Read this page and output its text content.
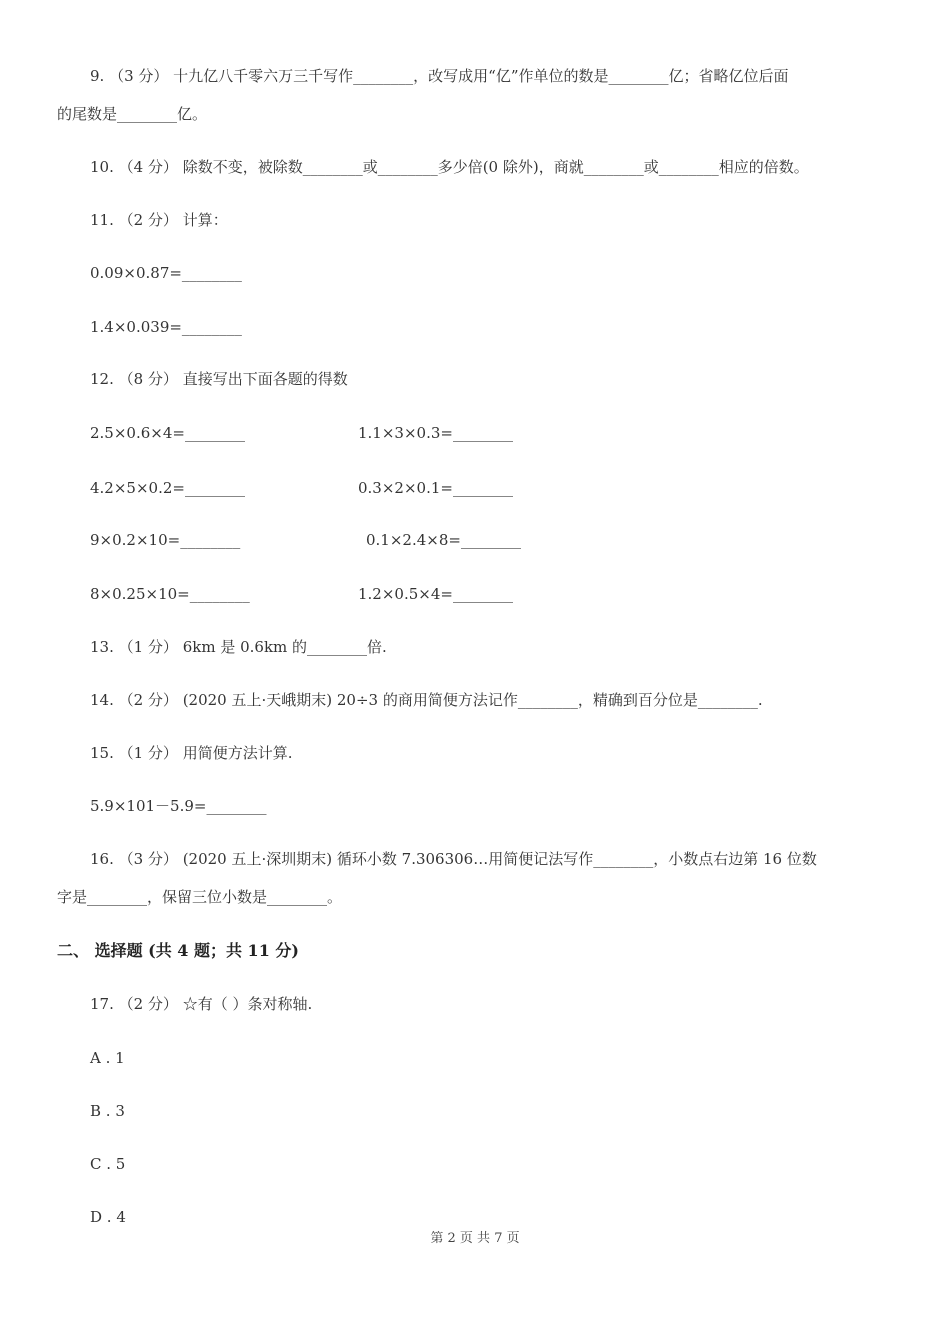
9. （3 分） 十九亿八千零六万三千写作________，改写成用“亿”作单位的数是________亿；省略亿位后面
的尾数是________亿。
10. （4 分） 除数不变，被除数________或________多少倍(0 除外)，商就________或________相应的倍数。
11. （2 分） 计算：
0.09×0.87=________
1.4×0.039=________
12. （8 分） 直接写出下面各题的得数
2.5×0.6×4=________	1.1×3×0.3=________
4.2×5×0.2=________	0.3×2×0.1=________
9×0.2×10=________	0.1×2.4×8=________
8×0.25×10=________	1.2×0.5×4=________
13. （1 分） 6km 是 0.6km 的________倍.
14. （2 分） (2020 五上·天峨期末) 20÷3 的商用简便方法记作________，精确到百分位是________.
15. （1 分） 用简便方法计算.
5.9×101－5.9=________
16. （3 分） (2020 五上·深圳期末) 循环小数 7.306306…用简便记法写作________，小数点右边第 16 位数
字是________，保留三位小数是________。
二、 选择题 (共 4 题；共 11 分)
17. （2 分） ☆有（ ）条对称轴.
A . 1
B . 3
C . 5
D . 4
第 2 页 共 7 页
